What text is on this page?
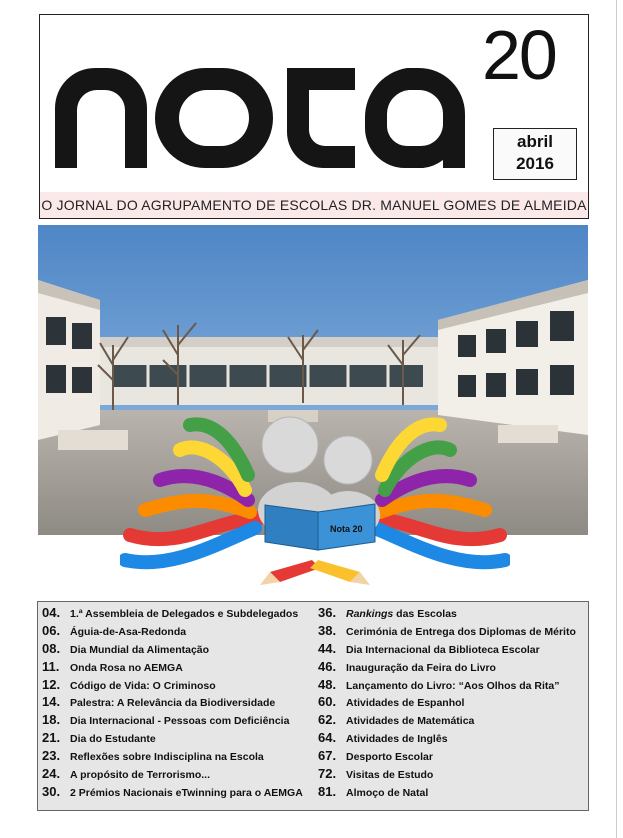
20
abril
2016
O JORNAL DO AGRUPAMENTO DE ESCOLAS DR. MANUEL GOMES DE ALMEIDA
Nota 20
04. 1.ª Assembleia de Delegados e Subdelegados
06. Águia-de-Asa-Redonda
08. Dia Mundial da Alimentação
11. Onda Rosa no AEMGA
12. Código de Vida: O Criminoso
14. Palestra: A Relevância da Biodiversidade
18. Dia Internacional - Pessoas com Deficiência
21. Dia do Estudante
23. Reflexões sobre Indisciplina na Escola
24. A propósito de Terrorismo...
30. 2 Prémios Nacionais eTwinning para o AEMGA
36. Rankings das Escolas
38. Cerimónia de Entrega dos Diplomas de Mérito
44. Dia Internacional da Biblioteca Escolar
46. Inauguração da Feira do Livro
48. Lançamento do Livro: “Aos Olhos da Rita”
60. Atividades de Espanhol
62. Atividades de Matemática
64. Atividades de Inglês
67. Desporto Escolar
72. Visitas de Estudo
81. Almoço de Natal
